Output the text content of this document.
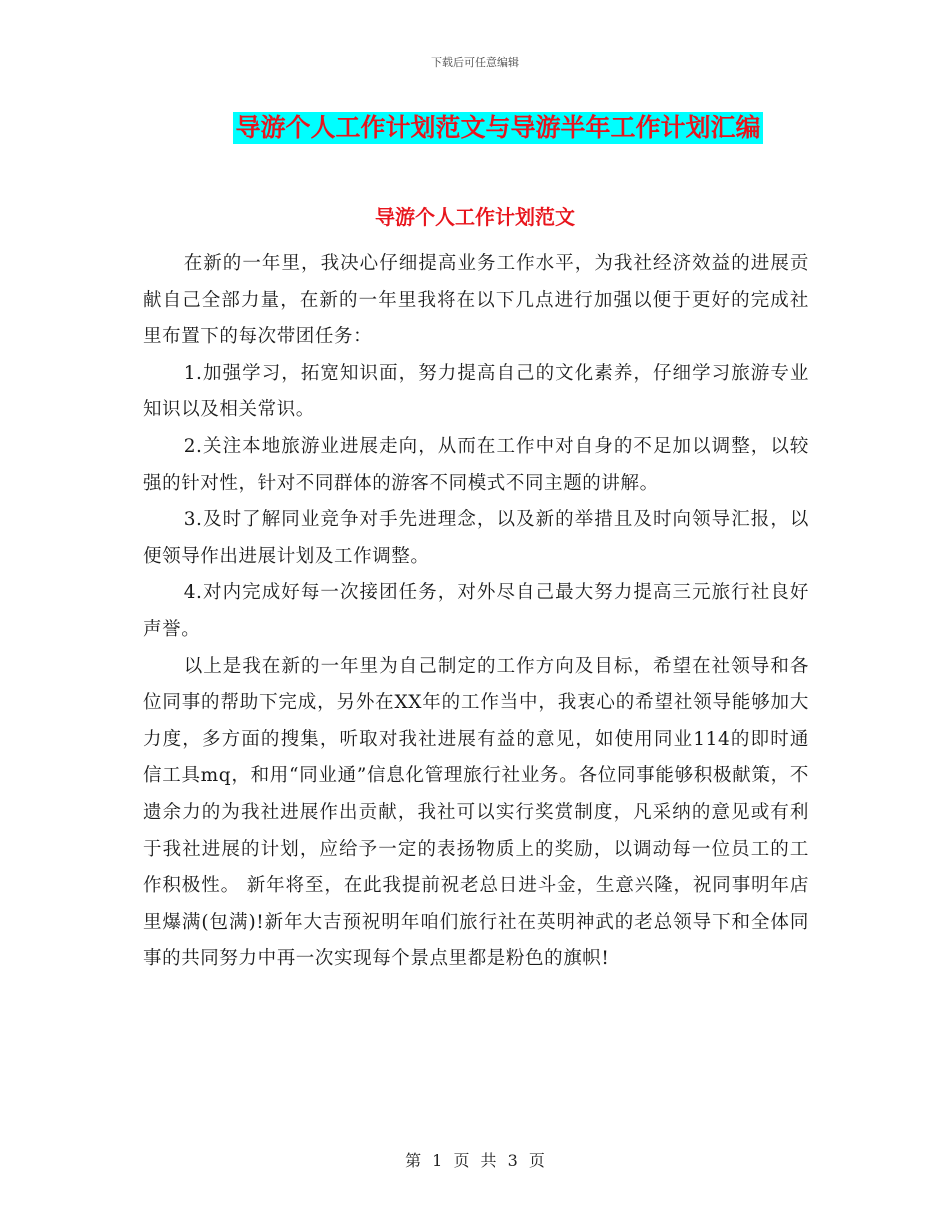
下载后可任意编辑
导游个人工作计划范文与导游半年工作计划汇编
导游个人工作计划范文

在新的一年里，我决心仔细提高业务工作水平，为我社经济效益的进展贡献自己全部力量，在新的一年里我将在以下几点进行加强以便于更好的完成社里布置下的每次带团任务：

1.加强学习，拓宽知识面，努力提高自己的文化素养，仔细学习旅游专业知识以及相关常识。

2.关注本地旅游业进展走向，从而在工作中对自身的不足加以调整，以较强的针对性，针对不同群体的游客不同模式不同主题的讲解。

3.及时了解同业竞争对手先进理念，以及新的举措且及时向领导汇报，以便领导作出进展计划及工作调整。

4.对内完成好每一次接团任务，对外尽自己最大努力提高三元旅行社良好声誉。

以上是我在新的一年里为自己制定的工作方向及目标，希望在社领导和各位同事的帮助下完成，另外在XX年的工作当中，我衷心的希望社领导能够加大力度，多方面的搜集，听取对我社进展有益的意见，如使用同业114的即时通信工具mq，和用“同业通”信息化管理旅行社业务。各位同事能够积极献策，不遗余力的为我社进展作出贡献，我社可以实行奖赏制度，凡采纳的意见或有利于我社进展的计划，应给予一定的表扬物质上的奖励，以调动每一位员工的工作积极性。 新年将至，在此我提前祝老总日进斗金，生意兴隆，祝同事明年店里爆满(包满)!新年大吉预祝明年咱们旅行社在英明神武的老总领导下和全体同事的共同努力中再一次实现每个景点里都是粉色的旗帜!

第 1 页 共 3 页
